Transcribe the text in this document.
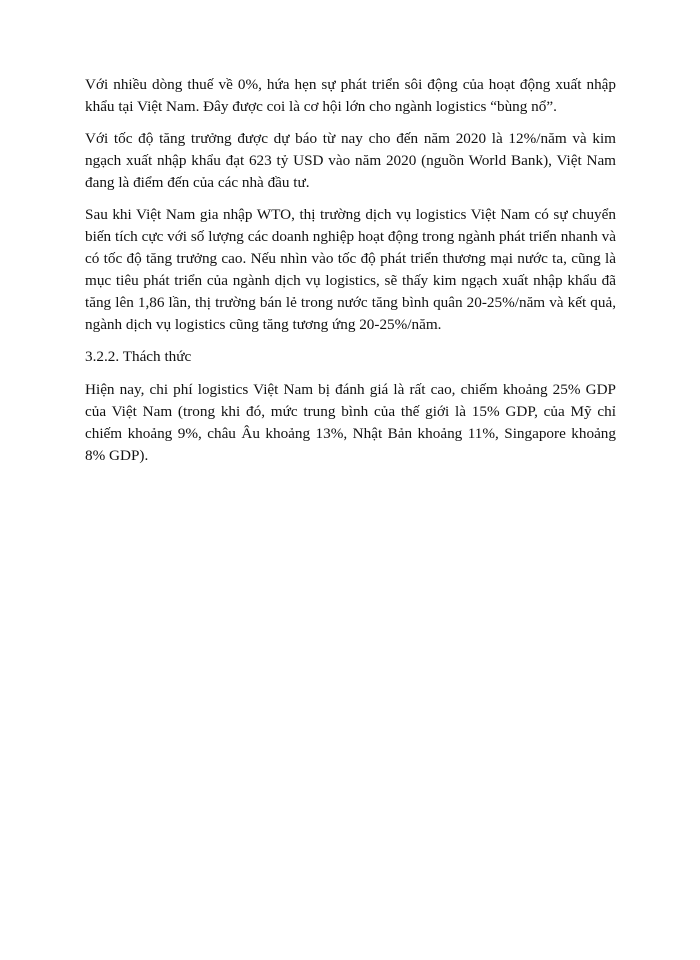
Với nhiều dòng thuế về 0%, hứa hẹn sự phát triển sôi động của hoạt động xuất nhập khẩu tại Việt Nam. Đây được coi là cơ hội lớn cho ngành logistics “bùng nổ”.

Với tốc độ tăng trưởng được dự báo từ nay cho đến năm 2020 là 12%/năm và kim ngạch xuất nhập khẩu đạt 623 tỷ USD vào năm 2020 (nguồn World Bank), Việt Nam đang là điểm đến của các nhà đầu tư.

Sau khi Việt Nam gia nhập WTO, thị trường dịch vụ logistics Việt Nam có sự chuyển biến tích cực với số lượng các doanh nghiệp hoạt động trong ngành phát triển nhanh và có tốc độ tăng trưởng cao. Nếu nhìn vào tốc độ phát triển thương mại nước ta, cũng là mục tiêu phát triển của ngành dịch vụ logistics, sẽ thấy kim ngạch xuất nhập khẩu đã tăng lên 1,86 lần, thị trường bán lẻ trong nước tăng bình quân 20-25%/năm và kết quả, ngành dịch vụ logistics cũng tăng tương ứng 20-25%/năm.

3.2.2. Thách thức

Hiện nay, chi phí logistics Việt Nam bị đánh giá là rất cao, chiếm khoảng 25% GDP của Việt Nam (trong khi đó, mức trung bình của thế giới là 15% GDP, của Mỹ chỉ chiếm khoảng 9%, châu Âu khoảng 13%, Nhật Bản khoảng 11%, Singapore khoảng 8% GDP).
